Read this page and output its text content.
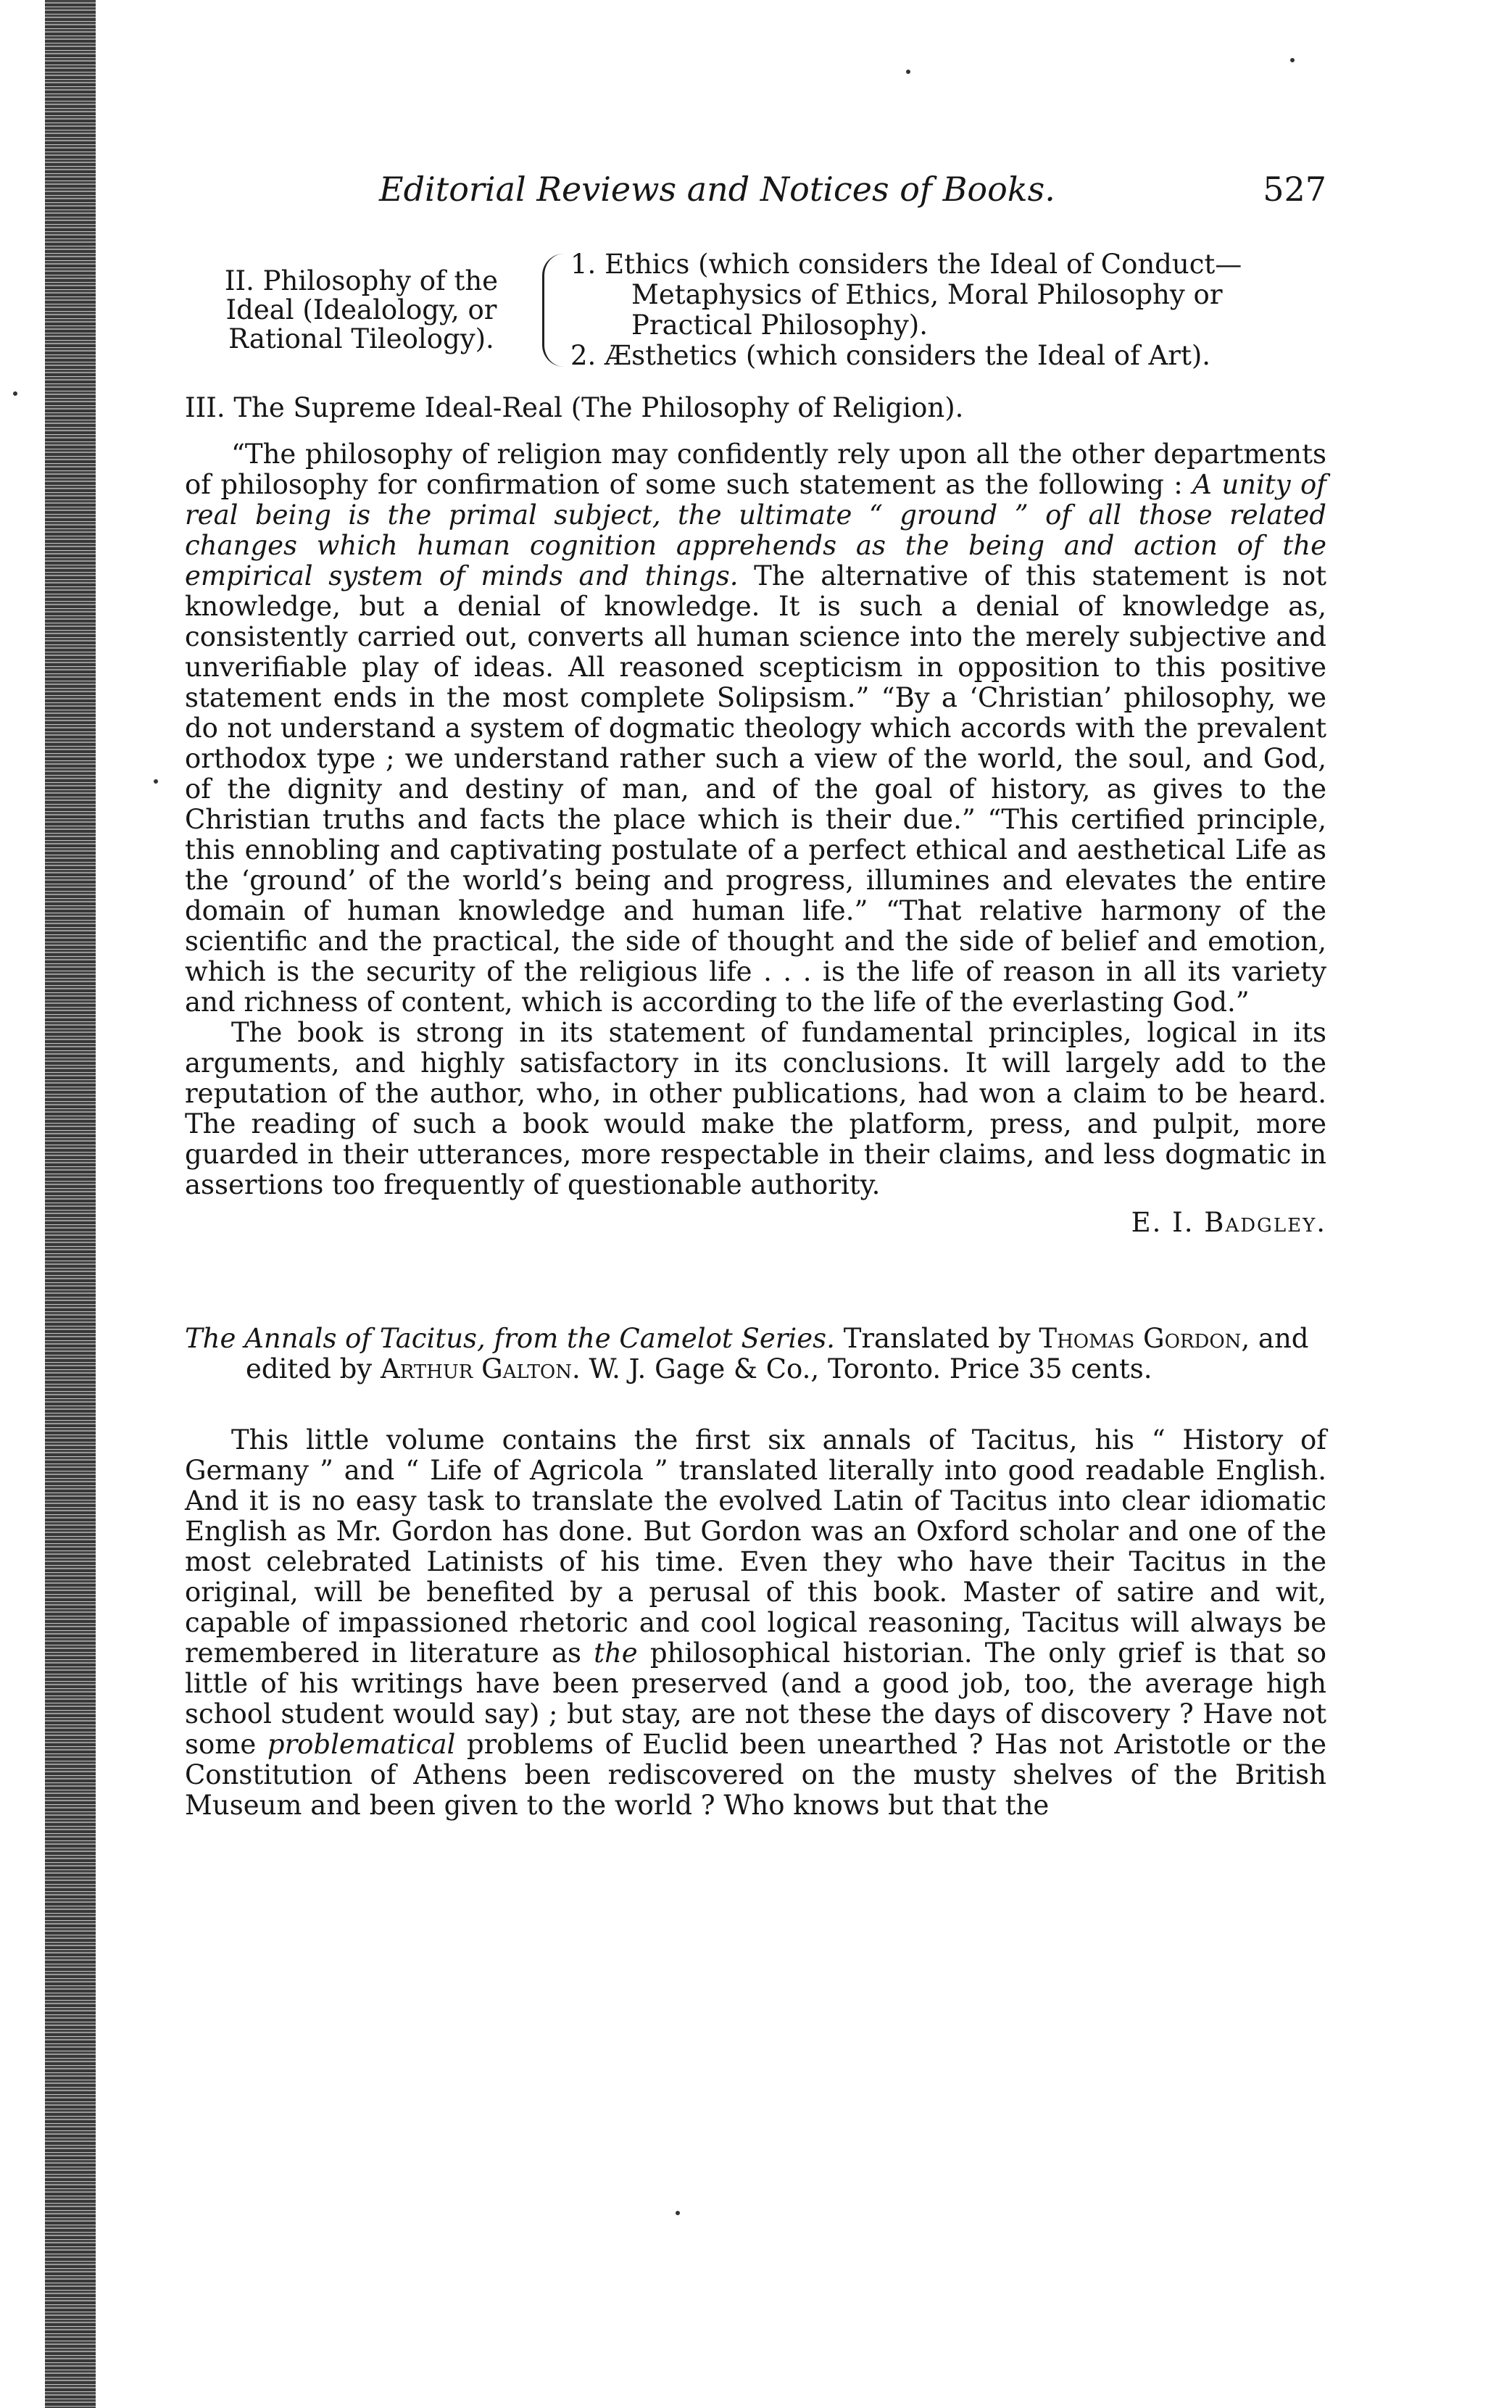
Editorial Reviews and Notices of Books.	527
II. Philosophy of the
Ideal (Idealology, or
Rational Tileology).
1. Ethics (which considers the Ideal of Conduct—
Metaphysics of Ethics, Moral Philosophy or
Practical Philosophy).
2. Æsthetics (which considers the Ideal of Art).
III. The Supreme Ideal-Real (The Philosophy of Religion).

“The philosophy of religion may confidently rely upon all the other departments of philosophy for confirmation of some such statement as the following : A unity of real being is the primal subject, the ultimate “ ground ” of all those related changes which human cognition apprehends as the being and action of the empirical system of minds and things. The alternative of this statement is not knowledge, but a denial of knowledge. It is such a denial of knowledge as, consistently carried out, converts all human science into the merely subjective and unverifiable play of ideas. All reasoned scepticism in opposition to this positive statement ends in the most complete Solipsism.” “By a ‘Christian’ philosophy, we do not understand a system of dogmatic theology which accords with the prevalent orthodox type ; we understand rather such a view of the world, the soul, and God, of the dignity and destiny of man, and of the goal of history, as gives to the Christian truths and facts the place which is their due.” “This certified principle, this ennobling and captivating postulate of a perfect ethical and aesthetical Life as the ‘ground’ of the world’s being and progress, illumines and elevates the entire domain of human knowledge and human life.” “That relative harmony of the scientific and the practical, the side of thought and the side of belief and emotion, which is the security of the religious life . . . is the life of reason in all its variety and richness of content, which is according to the life of the everlasting God.”

The book is strong in its statement of fundamental principles, logical in its arguments, and highly satisfactory in its conclusions. It will largely add to the reputation of the author, who, in other publications, had won a claim to be heard. The reading of such a book would make the platform, press, and pulpit, more guarded in their utterances, more respectable in their claims, and less dogmatic in assertions too frequently of questionable authority.

E. I. Badgley.
The Annals of Tacitus, from the Camelot Series. Translated by Thomas Gordon, and edited by Arthur Galton. W. J. Gage & Co., Toronto. Price 35 cents.

This little volume contains the first six annals of Tacitus, his “ History of Germany ” and “ Life of Agricola ” translated literally into good readable English. And it is no easy task to translate the evolved Latin of Tacitus into clear idiomatic English as Mr. Gordon has done. But Gordon was an Oxford scholar and one of the most celebrated Latinists of his time. Even they who have their Tacitus in the original, will be benefited by a perusal of this book. Master of satire and wit, capable of impassioned rhetoric and cool logical reasoning, Tacitus will always be remembered in literature as the philosophical historian. The only grief is that so little of his writings have been preserved (and a good job, too, the average high school student would say) ; but stay, are not these the days of discovery ? Have not some problematical problems of Euclid been unearthed ? Has not Aristotle or the Constitution of Athens been rediscovered on the musty shelves of the British Museum and been given to the world ? Who knows but that the
